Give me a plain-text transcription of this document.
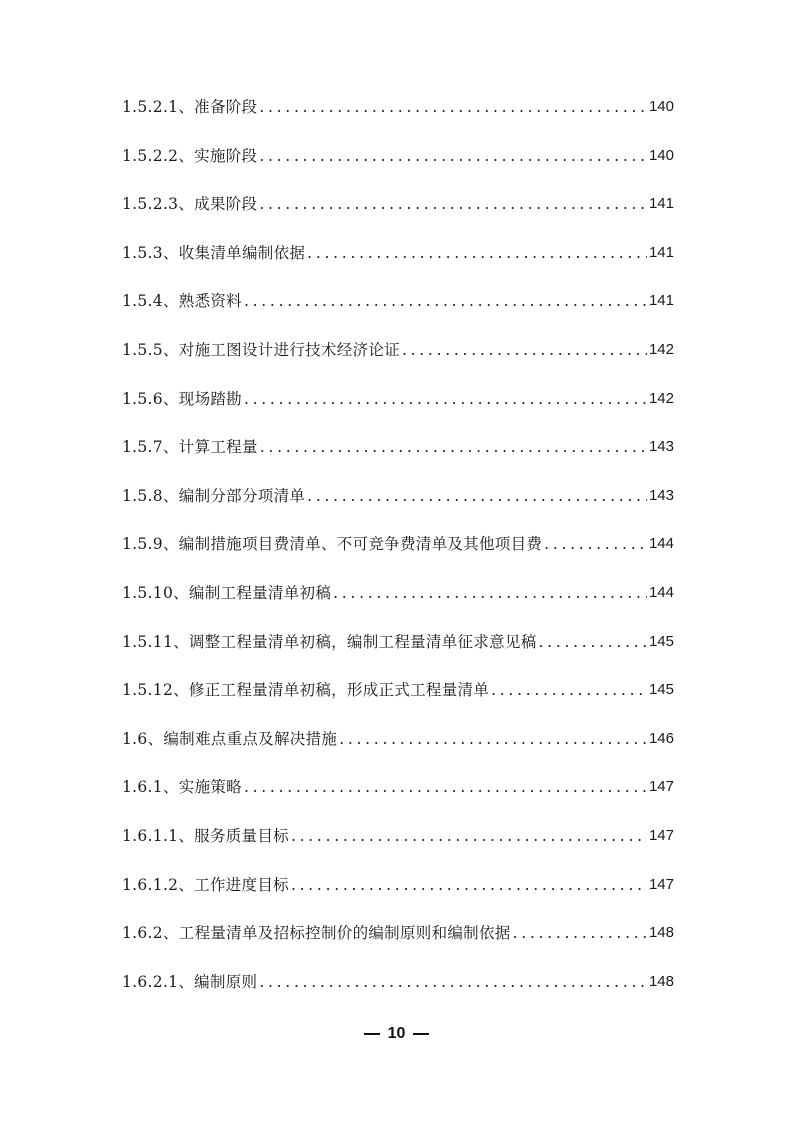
1.5.2.1、准备阶段 . . .	140
1.5.2.2、实施阶段 . . .	140
1.5.2.3、成果阶段 . . .	141
1.5.3、收集清单编制依据 . . .	141
1.5.4、熟悉资料 . . .	141
1.5.5、对施工图设计进行技术经济论证 . . .	142
1.5.6、现场踏勘 . . .	142
1.5.7、计算工程量 . . .	143
1.5.8、编制分部分项清单 . . .	143
1.5.9、编制措施项目费清单、不可竞争费清单及其他项目费 . . .	144
1.5.10、编制工程量清单初稿 . . .	144
1.5.11、调整工程量清单初稿，编制工程量清单征求意见稿 . . .	145
1.5.12、修正工程量清单初稿，形成正式工程量清单 . . .	145
1.6、编制难点重点及解决措施 . . .	146
1.6.1、实施策略 . . .	147
1.6.1.1、服务质量目标 . . .	147
1.6.1.2、工作进度目标 . . .	147
1.6.2、工程量清单及招标控制价的编制原则和编制依据 . . .	148
1.6.2.1、编制原则 . . .	148
10
